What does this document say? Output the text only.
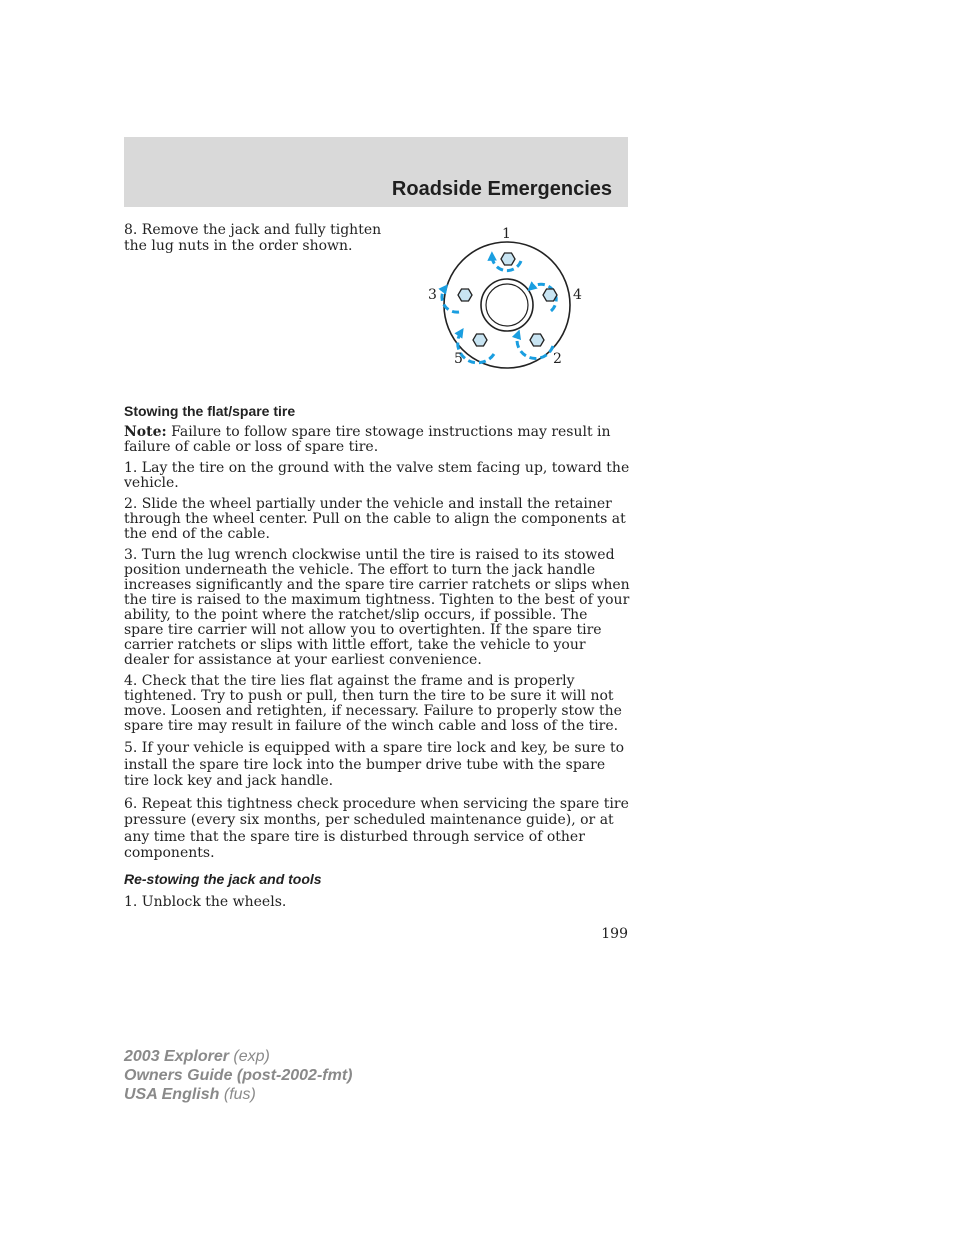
Roadside Emergencies
8. Remove the jack and fully tighten the lug nuts in the order shown.
1
2
3	4
5
Stowing the flat/spare tire

Note: Failure to follow spare tire stowage instructions may result in failure of cable or loss of spare tire.

1. Lay the tire on the ground with the valve stem facing up, toward the vehicle.

2. Slide the wheel partially under the vehicle and install the retainer through the wheel center. Pull on the cable to align the components at the end of the cable.

3. Turn the lug wrench clockwise until the tire is raised to its stowed position underneath the vehicle. The effort to turn the jack handle increases significantly and the spare tire carrier ratchets or slips when the tire is raised to the maximum tightness. Tighten to the best of your ability, to the point where the ratchet/slip occurs, if possible. The spare tire carrier will not allow you to overtighten. If the spare tire carrier ratchets or slips with little effort, take the vehicle to your dealer for assistance at your earliest convenience.

4. Check that the tire lies flat against the frame and is properly tightened. Try to push or pull, then turn the tire to be sure it will not move. Loosen and retighten, if necessary. Failure to properly stow the spare tire may result in failure of the winch cable and loss of the tire.

5. If your vehicle is equipped with a spare tire lock and key, be sure to install the spare tire lock into the bumper drive tube with the spare tire lock key and jack handle.

6. Repeat this tightness check procedure when servicing the spare tire pressure (every six months, per scheduled maintenance guide), or at any time that the spare tire is disturbed through service of other components.

Re-stowing the jack and tools

1. Unblock the wheels.

199
2003 Explorer (exp)
Owners Guide (post-2002-fmt)
USA English (fus)
